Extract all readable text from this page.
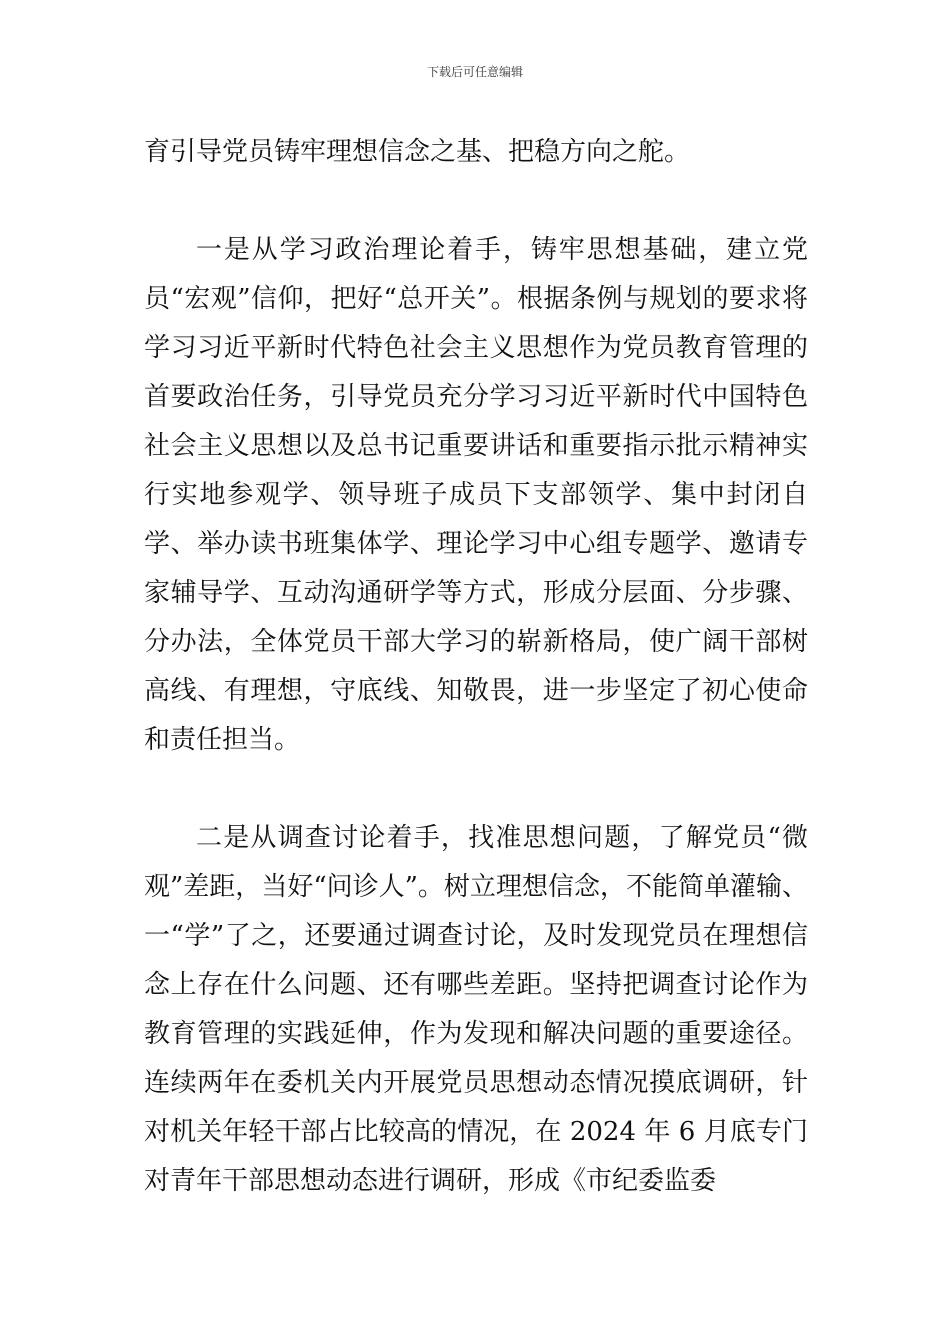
下载后可任意编辑

育引导党员铸牢理想信念之基、把稳方向之舵。

一是从学习政治理论着手，铸牢思想基础，建立党员“宏观”信仰，把好“总开关”。根据条例与规划的要求将学习习近平新时代特色社会主义思想作为党员教育管理的首要政治任务，引导党员充分学习习近平新时代中国特色社会主义思想以及总书记重要讲话和重要指示批示精神实行实地参观学、领导班子成员下支部领学、集中封闭自学、举办读书班集体学、理论学习中心组专题学、邀请专家辅导学、互动沟通研学等方式，形成分层面、分步骤、分办法，全体党员干部大学习的崭新格局，使广阔干部树高线、有理想，守底线、知敬畏，进一步坚定了初心使命和责任担当。

二是从调查讨论着手，找准思想问题，了解党员“微观”差距，当好“问诊人”。树立理想信念，不能简单灌输、一“学”了之，还要通过调查讨论，及时发现党员在理想信念上存在什么问题、还有哪些差距。坚持把调查讨论作为教育管理的实践延伸，作为发现和解决问题的重要途径。连续两年在委机关内开展党员思想动态情况摸底调研，针对机关年轻干部占比较高的情况，在 2024 年 6 月底专门对青年干部思想动态进行调研，形成《市纪委监委
